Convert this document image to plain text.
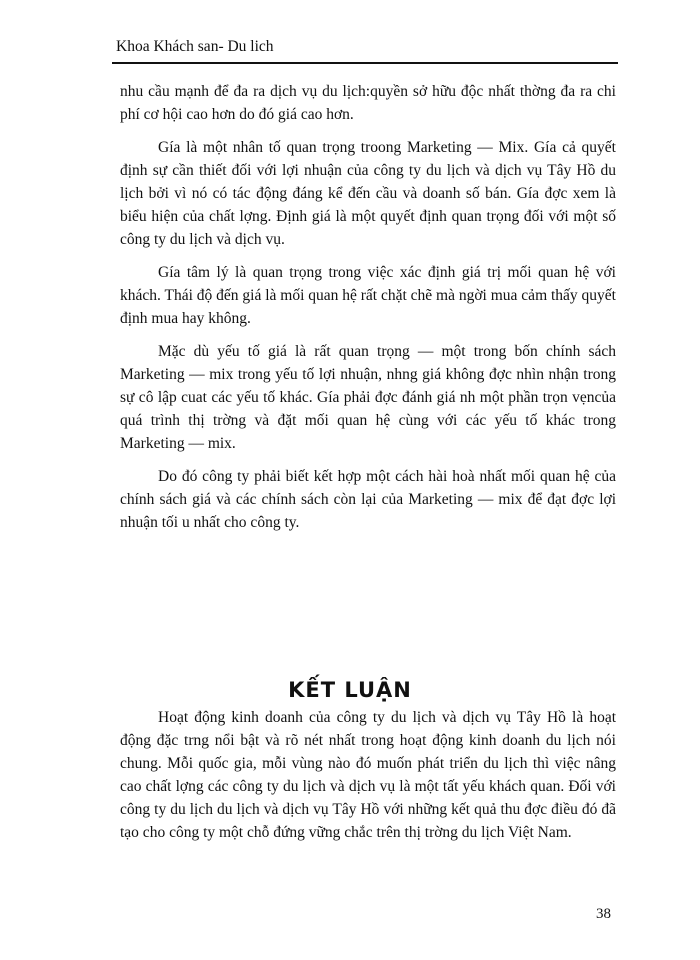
Khoa Khách san- Du lich

nhu cầu mạnh để đa ra dịch vụ du lịch:quyền sở hữu độc nhất thờng đa ra chi phí cơ hội cao hơn do đó giá cao hơn.

Gía là một nhân tố quan trọng troong Marketing — Mix. Gía cả quyết định sự cần thiết đối với lợi nhuận của công ty du lịch và dịch vụ Tây Hồ du lịch bởi vì nó có tác động đáng kể đến cầu và doanh số bán. Gía đợc xem là biểu hiện của chất lợng. Định giá là một quyết định quan trọng đối với một số công ty du lịch và dịch vụ.

Gía tâm lý là quan trọng trong việc xác định giá trị mối quan hệ với khách. Thái độ đến giá là mối quan hệ rất chặt chẽ mà ngời mua cảm thấy quyết định mua hay không.

Mặc dù yếu tố giá là rất quan trọng — một trong bốn chính sách Marketing — mix trong yếu tố lợi nhuận, nhng giá không đợc nhìn nhận trong sự cô lập cuat các yếu tố khác. Gía phải đợc đánh giá nh một phần trọn vẹncủa quá trình thị trờng và đặt mối quan hệ cùng với các yếu tố khác trong Marketing — mix.

Do đó công ty phải biết kết hợp một cách hài hoà nhất mối quan hệ của chính sách giá và các chính sách còn lại của Marketing — mix để đạt đợc lợi nhuận tối u nhất cho công ty.

KẾT LUẬN

Hoạt động kinh doanh của công ty du lịch và dịch vụ Tây Hồ là hoạt động đặc trng nổi bật và rõ nét nhất trong hoạt động kinh doanh du lịch nói chung. Mỗi quốc gia, mỗi vùng nào đó muốn phát triển du lịch thì việc nâng cao chất lợng các công ty du lịch và dịch vụ là một tất yếu khách quan. Đối với công ty du lịch du lịch và dịch vụ Tây Hồ với những kết quả thu đợc điều đó đã tạo cho công ty một chỗ đứng vững chắc trên thị trờng du lịch Việt Nam.

38
